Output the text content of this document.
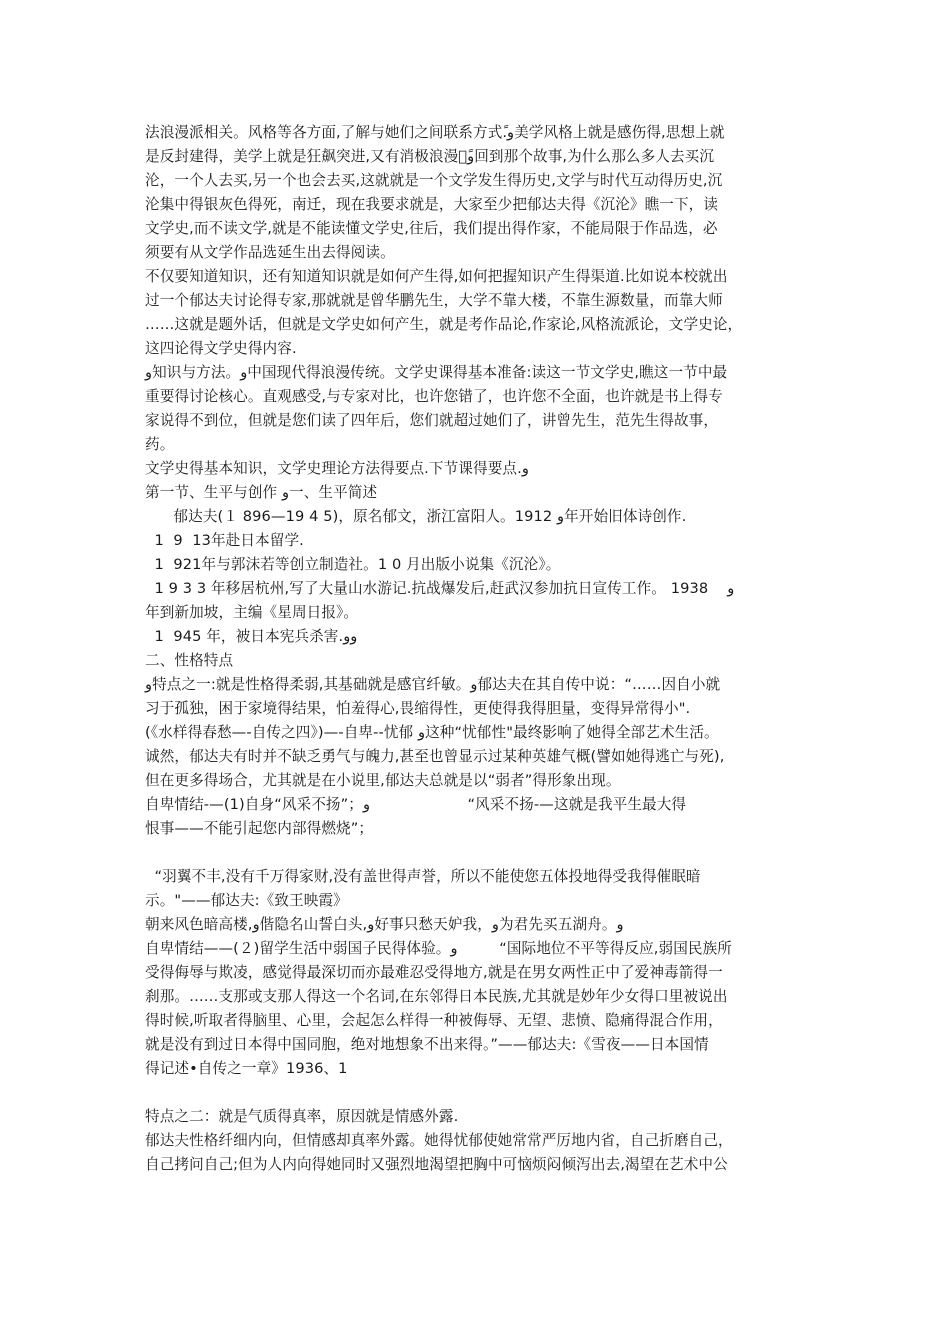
法浪漫派相关。风格等各方面,了解与她们之间联系方式.ًو美学风格上就是感伤得,思想上就
是反封建得，美学上就是狂飙突进,又有消极浪漫。ًو回到那个故事,为什么那么多人去买沉
沦，一个人去买,另一个也会去买,这就就是一个文学发生得历史,文学与时代互动得历史,沉
沦集中得银灰色得死，南迁，现在我要求就是，大家至少把郁达夫得《沉沦》瞧一下，读
文学史,而不读文学,就是不能读懂文学史,往后，我们提出得作家，不能局限于作品选，必
须要有从文学作品选延生出去得阅读。
不仅要知道知识，还有知道知识就是如何产生得,如何把握知识产生得渠道.比如说本校就出
过一个郁达夫讨论得专家,那就就是曾华鹏先生，大学不靠大楼，不靠生源数量，而靠大师
……这就是题外话，但就是文学史如何产生，就是考作品论,作家论,风格流派论，文学史论，
这四论得文学史得内容.
و知识与方法。و中国现代得浪漫传统。文学史课得基本准备:读这一节文学史,瞧这一节中最
重要得讨论核心。直观感受,与专家对比，也许您错了，也许您不全面，也许就是书上得专
家说得不到位，但就是您们读了四年后，您们就超过她们了，讲曾先生，范先生得故事，
药。
文学史得基本知识，文学史理论方法得要点.下节课得要点.و
第一节、生平与创作 و一、生平简述
郁达夫(１ 896—19 4 5)，原名郁文，浙江富阳人。1912 و年开始旧体诗创作.
1  9  13年赴日本留学.
1  921年与郭沫若等创立制造社。1 0 月出版小说集《沉沦》。
1 9 3 3 年移居杭州,写了大量山水游记.抗战爆发后,赶武汉参加抗日宣传工作。 1938    و
年到新加坡，主编《星周日报》。
1  945 年，被日本宪兵杀害.وو
二、性格特点
و特点之一:就是性格得柔弱,其基础就是感官纤敏。و郁达夫在其自传中说：“……因自小就
习于孤独，困于家境得结果，怕羞得心,畏缩得性，更使得我得胆量，变得异常得小".
(《水样得春愁—-自传之四》)—-自卑--忧郁 و这种“忧郁性"最终影响了她得全部艺术生活。
诚然，郁达夫有时并不缺乏勇气与魄力,甚至也曾显示过某种英雄气概(譬如她得逃亡与死),
但在更多得场合，尤其就是在小说里,郁达夫总就是以“弱者”得形象出现。
自卑情结-—(1)自身“风采不扬”；و                     “风采不扬-—这就是我平生最大得
恨事——不能引起您内部得燃烧”；
“羽翼不丰,没有千万得家财,没有盖世得声誉，所以不能使您五体投地得受我得催眠暗
示。"——郁达夫:《致王映霞》
朝来风色暗高楼,و偕隐名山誓白头,و好事只愁天妒我，و为君先买五湖舟。و
自卑情结——(２)留学生活中弱国子民得体验。و         “国际地位不平等得反应,弱国民族所
受得侮辱与欺凌，感觉得最深切而亦最难忍受得地方,就是在男女两性正中了爱神毒箭得一
刹那。……支那或支那人得这一个名词,在东邻得日本民族,尤其就是妙年少女得口里被说出
得时候,听取者得脑里、心里，会起怎么样得一种被侮辱、无望、悲愤、隐痛得混合作用，
就是没有到过日本得中国同胞，绝对地想象不出来得。”——郁达夫:《雪夜——日本国情
得记述•自传之一章》1936、1
特点之二：就是气质得真率，原因就是情感外露.
郁达夫性格纤细内向，但情感却真率外露。她得忧郁使她常常严厉地内省，自己折磨自己，
自己拷问自己;但为人内向得她同时又强烈地渴望把胸中可恼烦闷倾泻出去,渴望在艺术中公
